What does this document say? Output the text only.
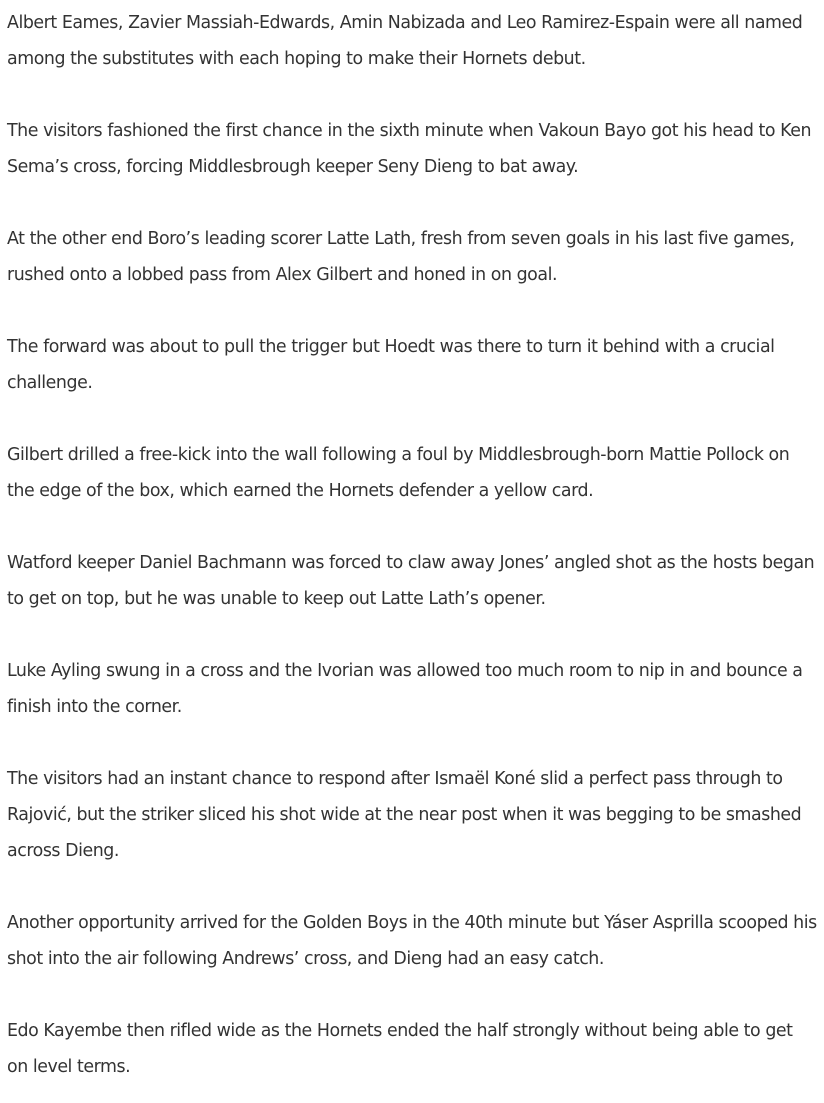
Albert Eames, Zavier Massiah-Edwards, Amin Nabizada and Leo Ramirez-Espain were all named among the substitutes with each hoping to make their Hornets debut.

The visitors fashioned the first chance in the sixth minute when Vakoun Bayo got his head to Ken Sema’s cross, forcing Middlesbrough keeper Seny Dieng to bat away.

At the other end Boro’s leading scorer Latte Lath, fresh from seven goals in his last five games, rushed onto a lobbed pass from Alex Gilbert and honed in on goal.

The forward was about to pull the trigger but Hoedt was there to turn it behind with a crucial challenge.

Gilbert drilled a free-kick into the wall following a foul by Middlesbrough-born Mattie Pollock on the edge of the box, which earned the Hornets defender a yellow card.

Watford keeper Daniel Bachmann was forced to claw away Jones’ angled shot as the hosts began to get on top, but he was unable to keep out Latte Lath’s opener.

Luke Ayling swung in a cross and the Ivorian was allowed too much room to nip in and bounce a finish into the corner.

The visitors had an instant chance to respond after Ismaël Koné slid a perfect pass through to Rajović, but the striker sliced his shot wide at the near post when it was begging to be smashed across Dieng.

Another opportunity arrived for the Golden Boys in the 40th minute but Yáser Asprilla scooped his shot into the air following Andrews’ cross, and Dieng had an easy catch.

Edo Kayembe then rifled wide as the Hornets ended the half strongly without being able to get on level terms.
